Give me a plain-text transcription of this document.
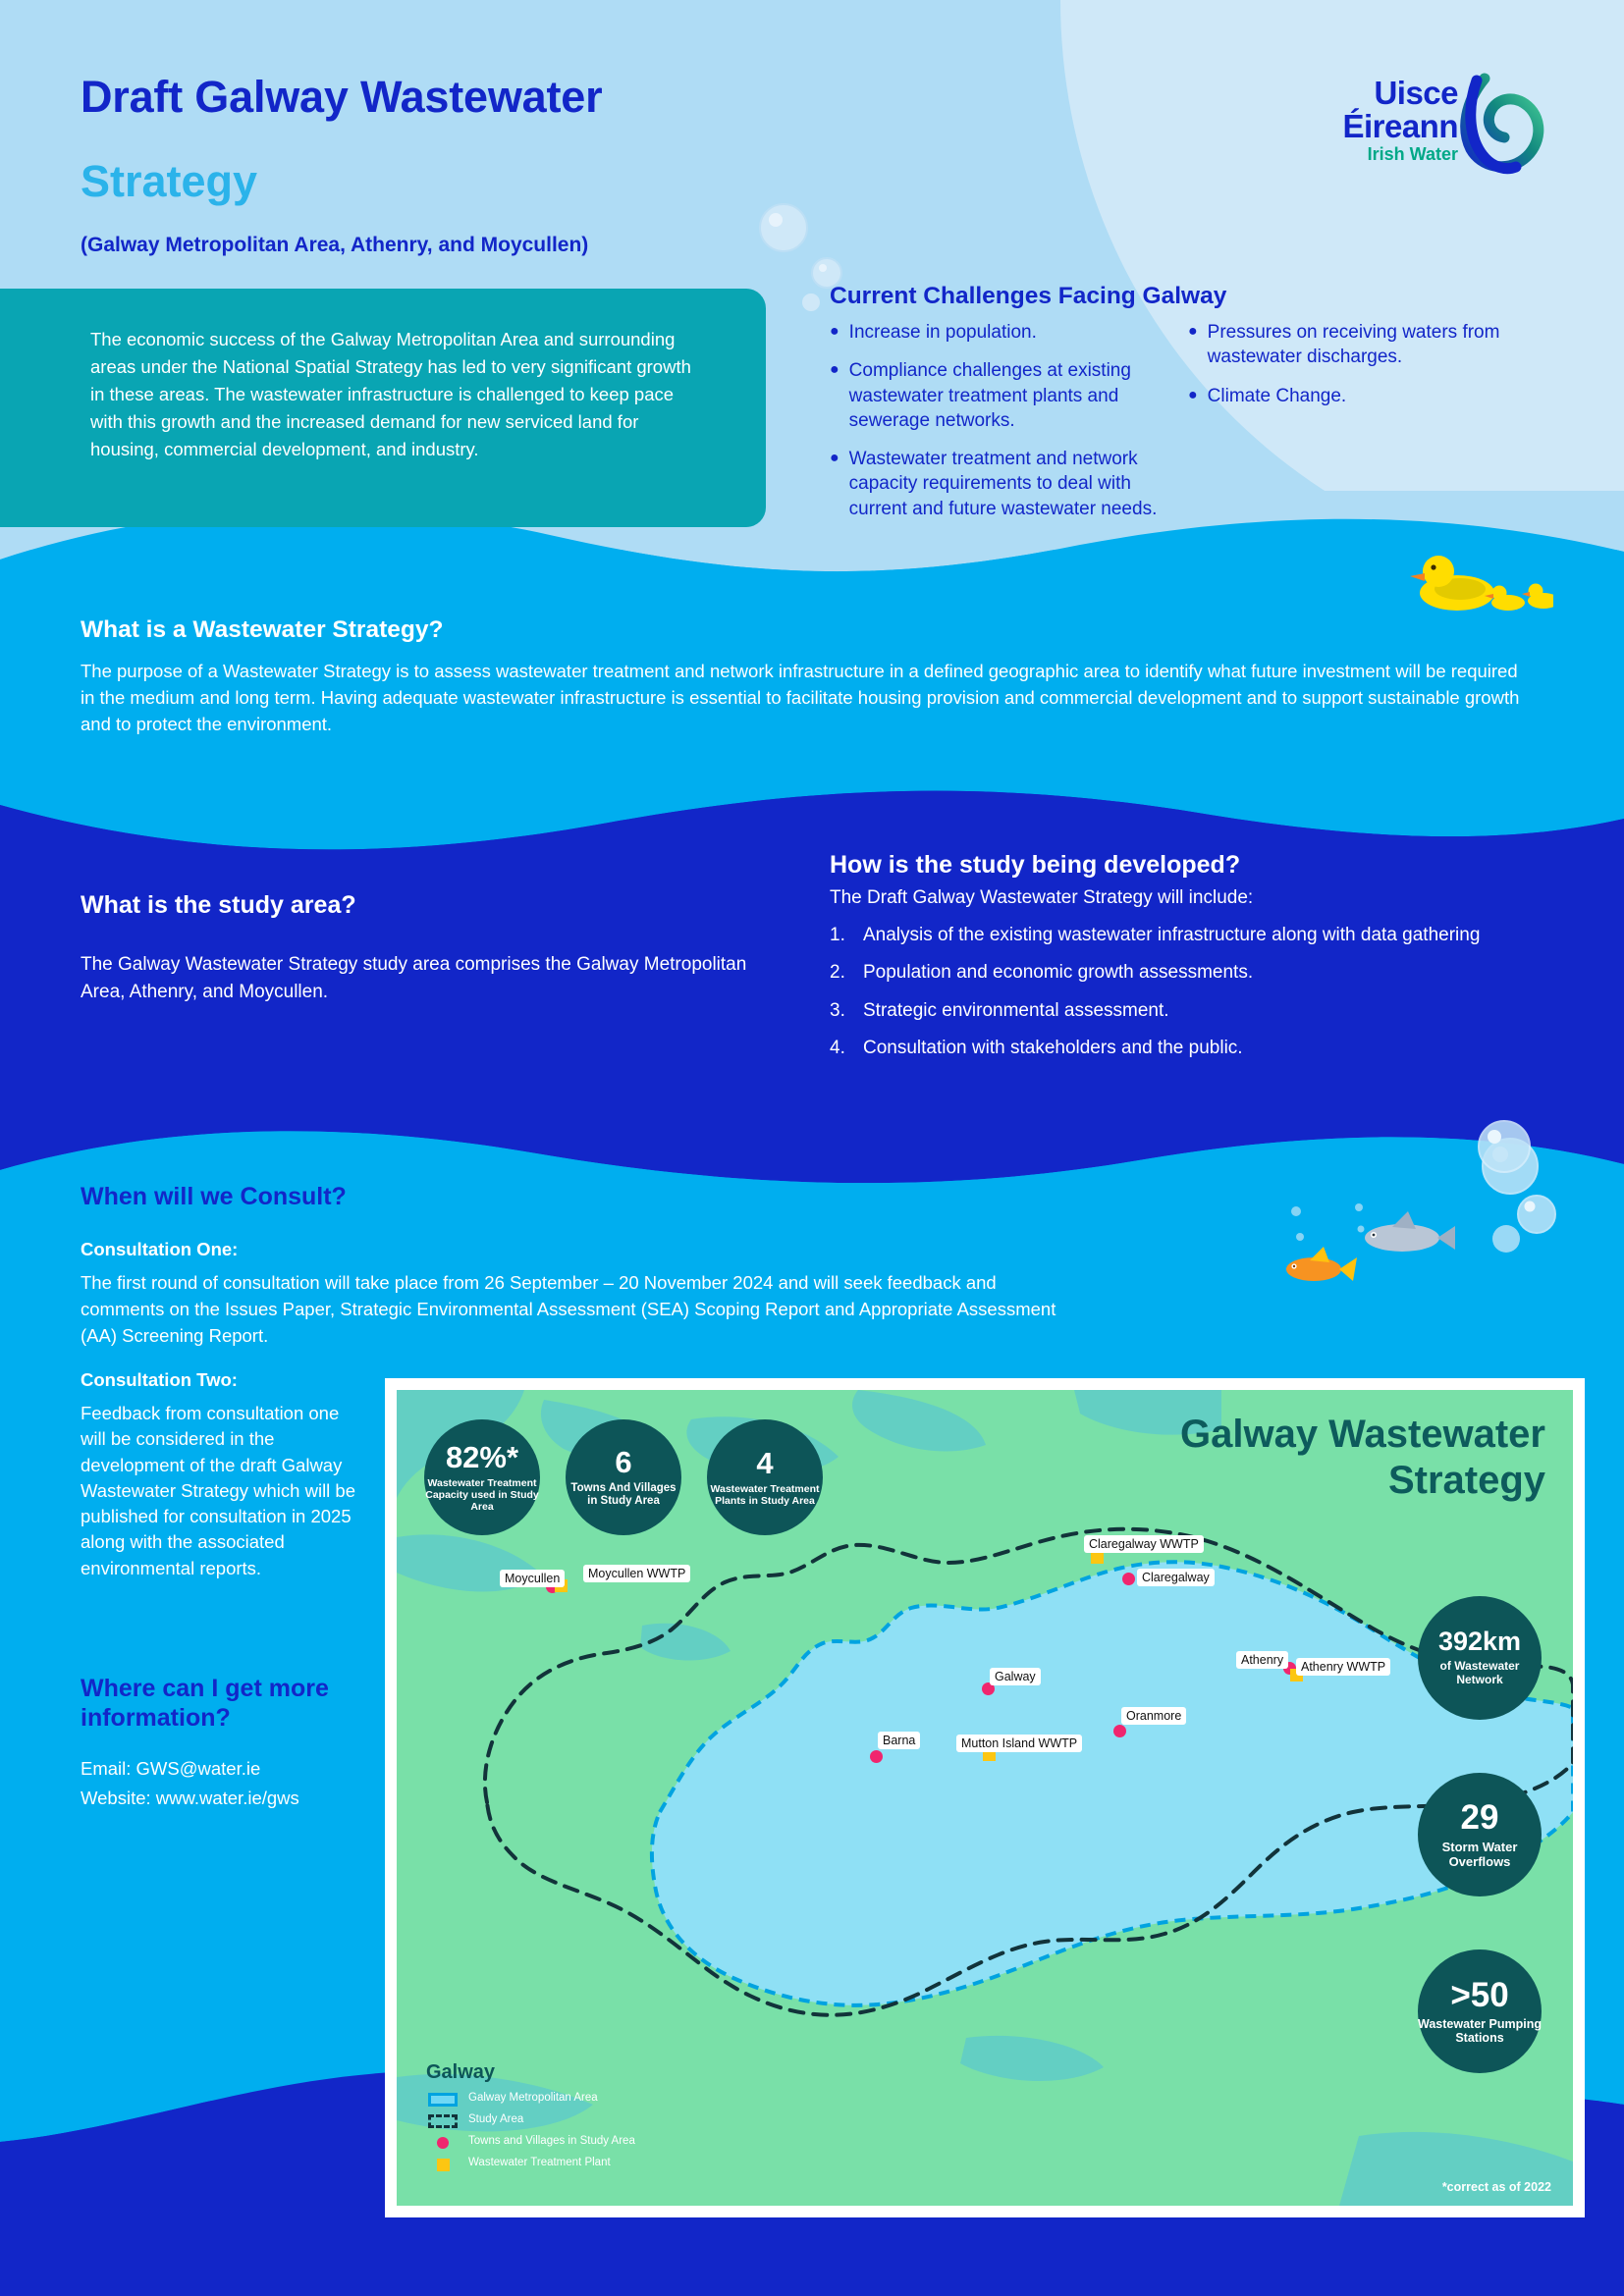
Draft Galway Wastewater
Strategy
(Galway Metropolitan Area, Athenry, and Moycullen)
Uisce
Éireann
Irish Water

The economic success of the Galway Metropolitan Area and surrounding areas under the National Spatial Strategy has led to very significant growth in these areas. The wastewater infrastructure is challenged to keep pace with this growth and the increased demand for new serviced land for housing, commercial development, and industry.

Current Challenges Facing Galway
● Increase in population.
● Compliance challenges at existing wastewater treatment plants and sewerage networks.
● Wastewater treatment and network capacity requirements to deal with current and future wastewater needs.
● Pressures on receiving waters from wastewater discharges.
● Climate Change.
What is a Wastewater Strategy?

The purpose of a Wastewater Strategy is to assess wastewater treatment and network infrastructure in a defined geographic area to identify what future investment will be required in the medium and long term. Having adequate wastewater infrastructure is essential to facilitate housing provision and commercial development and to support sustainable growth and to protect the environment.

What is the study area?

The Galway Wastewater Strategy study area comprises the Galway Metropolitan Area, Athenry, and Moycullen.

How is the study being developed?
The Draft Galway Wastewater Strategy will include:
1. Analysis of the existing wastewater infrastructure along with data gathering
2. Population and economic growth assessments.
3. Strategic environmental assessment.
4. Consultation with stakeholders and the public.
When will we Consult?
Consultation One:

The first round of consultation will take place from 26 September – 20 November 2024 and will seek feedback and comments on the Issues Paper, Strategic Environmental Assessment (SEA) Scoping Report and Appropriate Assessment (AA) Screening Report.

Consultation Two:

Feedback from consultation one will be considered in the development of the draft Galway Wastewater Strategy which will be published for consultation in 2025 along with the associated environmental reports.

Where can I get more information?

Email: GWS@water.ie

Website: www.water.ie/gws

Galway Wastewater
Strategy
82%*
Wastewater Treatment Capacity used in Study Area
6
Towns And Villages in Study Area
4
Wastewater Treatment Plants in Study Area
392km
of Wastewater Network
29
Storm Water Overflows
>50
Wastewater Pumping Stations
Moycullen	Moycullen WWTP
Claregalway WWTP
Claregalway
Galway
Oranmore
Barna	Mutton Island WWTP
Athenry	Athenry WWTP
Galway
Galway Metropolitan Area
Study Area
Towns and Villages in Study Area
Wastewater Treatment Plant
*correct as of 2022
